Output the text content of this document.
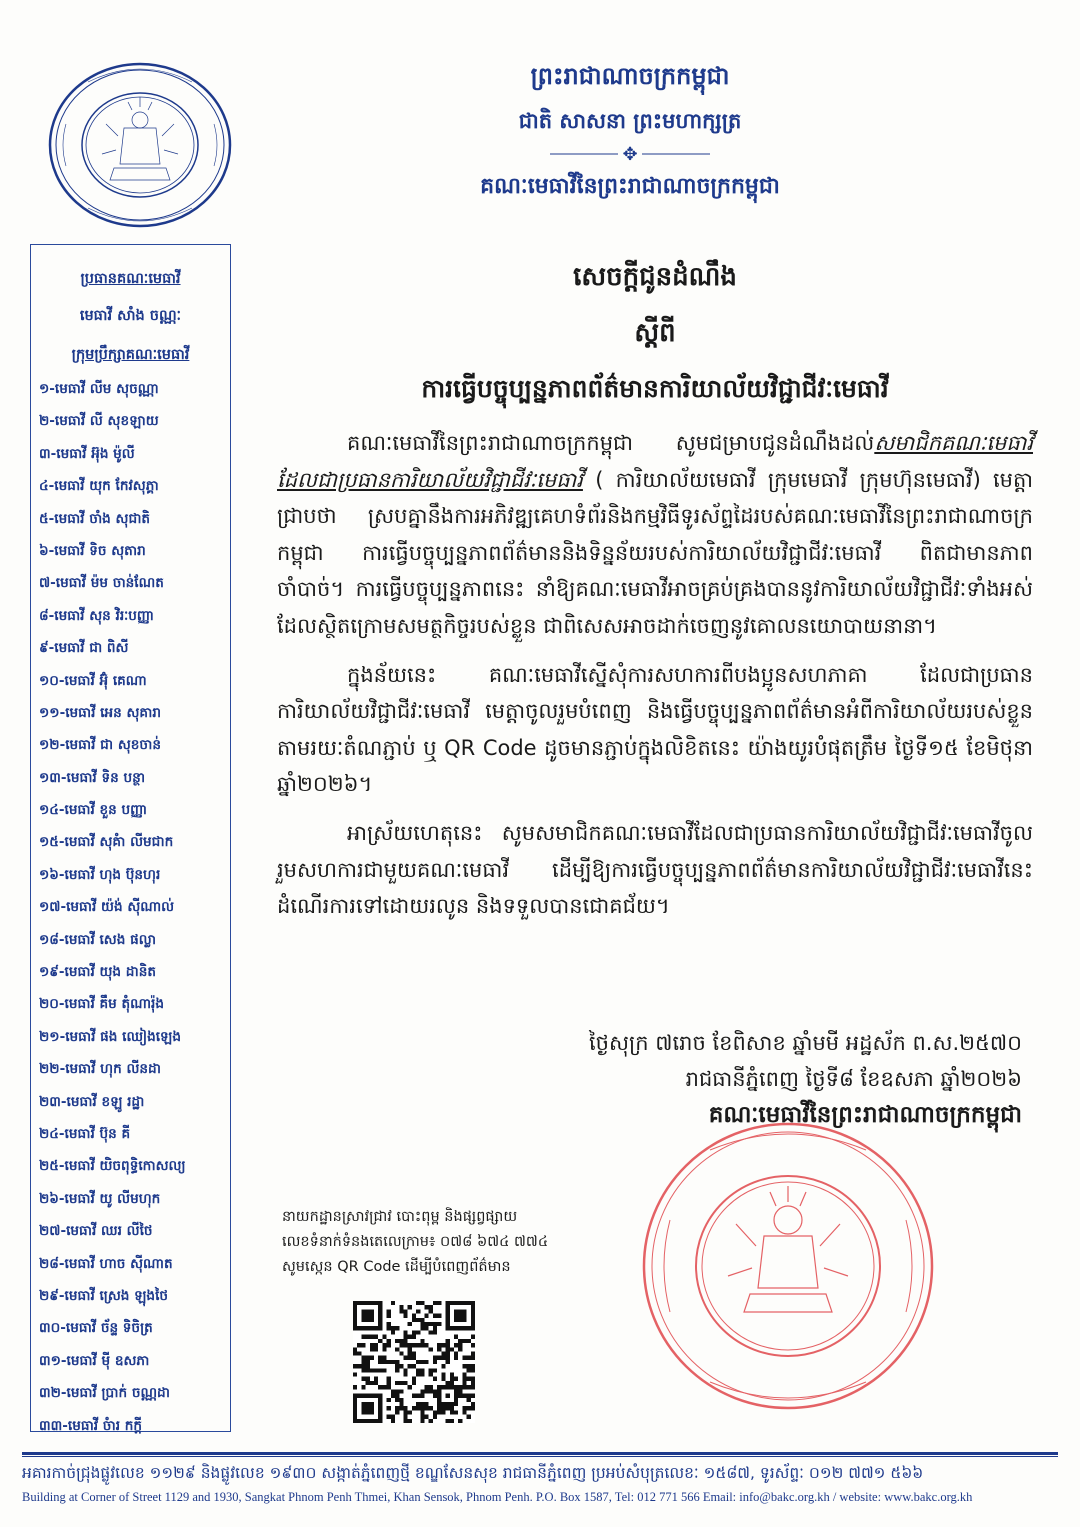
ព្រះរាជាណាចក្រកម្ពុជា
ជាតិ សាសនា ព្រះមហាក្សត្រ
✥
គណៈមេធាវីនៃព្រះរាជាណាចក្រកម្ពុជា
ប្រធានគណៈមេធាវី
មេធាវី សាំង ចណ្ណៈ
ក្រុមប្រឹក្សាគណៈមេធាវី
១-មេធាវី លីម សុចណ្ណា
២-មេធាវី លី សុខឡាយ
៣-មេធាវី អ៊ុង ម៉ូលី
៤-មេធាវី យុក កែវសុភ្គា
៥-មេធាវី ចាំង សុជាតិ
៦-មេធាវី ទិច សុតារា
៧-មេធាវី ម៉ម ចាន់ណែត
៨-មេធាវី សុន វិរៈបញ្ញា
៩-មេធាវី ជា ពិសី
១០-មេធាវី អ៊ុំ គេណា
១១-មេធាវី អេន សុគារា
១២-មេធាវី ជា សុខចាន់
១៣-មេធាវី ទិន បន្ថា
១៤-មេធាវី ខួន បញ្ញា
១៥-មេធាវី សុគំា លីមជាក
១៦-មេធាវី ហុង ប៊ុនហុរ
១៧-មេធាវី យ៉ង់ ស៊ីណាល់
១៨-មេធាវី សេង ផល្លា
១៩-មេធាវី យុង ដានិត
២០-មេធាវី គឹម តុំណារ៉ុង
២១-មេធាវី ផង ឈៀងឡេង
២២-មេធាវី ហុក លីនដា
២៣-មេធាវី ខឡូ រដ្ឋា
២៤-មេធាវី ប៊ុន គី
២៥-មេធាវី យិចពុទ្ធិកោសល្យ
២៦-មេធាវី យូ លីមហុក
២៧-មេធាវី ឈរ លីថៃ
២៨-មេធាវី ហាច ស៊ីណាត
២៩-មេធាវី ស្រេង ឡុងថៃ
៣០-មេធាវី ច័ន្ទ ទិចិត្រ
៣១-មេធាវី មុី ឧសភា
៣២-មេធាវី ប្រាក់ ចណ្ណដា
៣៣-មេធាវី ចំារ កក្តី
សេចក្តីជូនដំណឹង
ស្តីពី
ការធ្វើបច្ចុប្បន្នភាពព័ត៌មានការិយាល័យវិជ្ជាជីវៈមេធាវី

គណៈមេធាវីនៃព្រះរាជាណាចក្រកម្ពុជា សូមជម្រាបជូនដំណឹងដល់សមាជិកគណៈមេធាវី ដែលជាប្រធានការិយាល័យវិជ្ជាជីវៈមេធាវី ( ការិយាល័យមេធាវី ក្រុមមេធាវី ក្រុមហ៊ុនមេធាវី) មេត្តាជ្រាបថា ស្របគ្នានឹងការអភិវឌ្ឍគេហទំព័រនិងកម្មវិធីទូរស័ព្ទដៃរបស់គណៈមេធាវីនៃព្រះរាជាណាចក្រកម្ពុជា ការធ្វើបច្ចុប្បន្នភាពព័ត៌មាននិងទិន្នន័យរបស់ការិយាល័យវិជ្ជាជីវៈមេធាវី ពិតជាមានភាពចាំបាច់។ ការធ្វើបច្ចុប្បន្នភាពនេះ នាំឱ្យគណៈមេធាវីអាចគ្រប់គ្រងបាននូវការិយាល័យវិជ្ជាជីវៈទាំងអស់ដែលស្ថិតក្រោមសមត្ថកិច្ចរបស់ខ្លួន ជាពិសេសអាចដាក់ចេញនូវគោលនយោបាយនានា។

ក្នុងន័យនេះ គណៈមេធាវីស្នើសុំការសហការពីបងប្អូនសហភាគា ដែលជាប្រធានការិយាល័យវិជ្ជាជីវៈមេធាវី មេត្តាចូលរួមបំពេញ និងធ្វើបច្ចុប្បន្នភាពព័ត៌មានអំពីការិយាល័យរបស់ខ្លួន តាមរយៈតំណភ្ជាប់ ឬ QR Code ដូចមានភ្ជាប់ក្នុងលិខិតនេះ យ៉ាងយូរបំផុតត្រឹម ថ្ងៃទី១៥ ខែមិថុនា ឆ្នាំ២០២៦។

អាស្រ័យហេតុនេះ សូមសមាជិកគណៈមេធាវីដែលជាប្រធានការិយាល័យវិជ្ជាជីវៈមេធាវីចូលរួមសហការជាមួយគណៈមេធាវី ដើម្បីឱ្យការធ្វើបច្ចុប្បន្នភាពព័ត៌មានការិយាល័យវិជ្ជាជីវៈមេធាវីនេះ ដំណើរការទៅដោយរលូន និងទទួលបានជោគជ័យ។

ថ្ងៃសុក្រ ៧រោច ខែពិសាខ ឆ្នាំមមី អដ្ឋស័ក ព.ស.២៥៧០
រាជធានីភ្នំពេញ ថ្ងៃទី៨ ខែឧសភា ឆ្នាំ២០២៦
គណៈមេធាវីនៃព្រះរាជាណាចក្រកម្ពុជា
នាយកដ្ឋានស្រាវជ្រាវ បោះពុម្ព និងផ្សព្វផ្សាយ
លេខទំនាក់ទំនងតេលេក្រាម៖ ០៧៨ ៦៧៤ ៧៧៤
សូមស្កេន QR Code ដើម្បីបំពេញព័ត៌មាន
អគារកាច់ជ្រុងផ្លូវលេខ ១១២៩ និងផ្លូវលេខ ១៩៣០ សង្កាត់ភ្នំពេញថ្មី ខណ្ឌសែនសុខ រាជធានីភ្នំពេញ ប្រអប់សំបុត្រលេខៈ ១៥៨៧, ទូរស័ព្ទៈ ០១២ ៧៧១ ៥៦៦
Building at Corner of Street 1129 and 1930, Sangkat Phnom Penh Thmei, Khan Sensok, Phnom Penh. P.O. Box 1587, Tel: 012 771 566 Email: info@bakc.org.kh / website: www.bakc.org.kh
